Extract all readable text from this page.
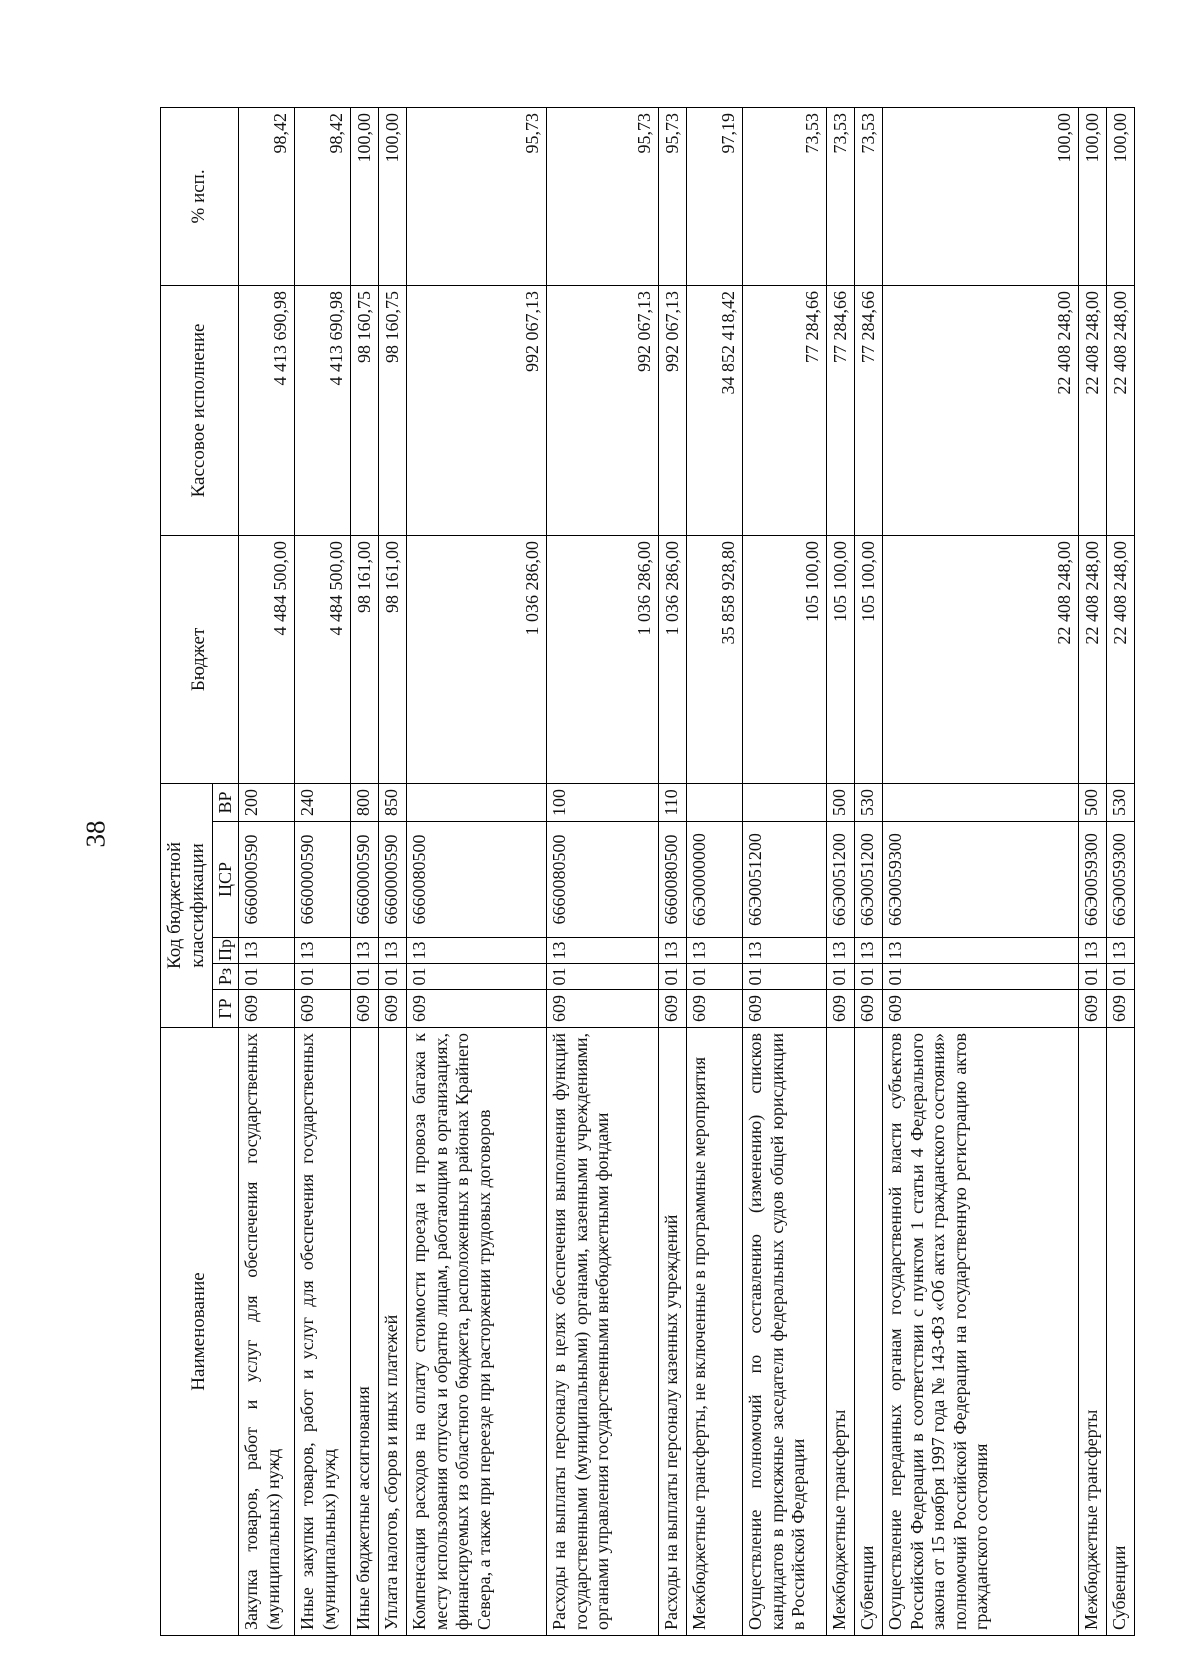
38
Наименование	Код бюджетной классификации					Бюджет	Кассовое исполнение	% исп.
	ГР	Рз	Пр	ЦСР	ВР			
Закупка товаров, работ и услуг для обеспечения государственных (муниципальных) нужд	609	01	13	6660000590	200	4 484 500,00	4 413 690,98	98,42
Иные закупки товаров, работ и услуг для обеспечения государственных (муниципальных) нужд	609	01	13	6660000590	240	4 484 500,00	4 413 690,98	98,42
Иные бюджетные ассигнования	609	01	13	6660000590	800	98 161,00	98 160,75	100,00
Уплата налогов, сборов и иных платежей	609	01	13	6660000590	850	98 161,00	98 160,75	100,00
Компенсация расходов на оплату стоимости проезда и провоза багажа к месту использования отпуска и обратно лицам, работающим в организациях, финансируемых из областного бюджета, расположенных в районах Крайнего Севера, а также при переезде при расторжении трудовых договоров	609	01	13	6660080500		1 036 286,00	992 067,13	95,73
Расходы на выплаты персоналу в целях обеспечения выполнения функций государственными (муниципальными) органами, казенными учреждениями, органами управления государственными внебюджетными фондами	609	01	13	6660080500	100	1 036 286,00	992 067,13	95,73
Расходы на выплаты персоналу казенных учреждений	609	01	13	6660080500	110	1 036 286,00	992 067,13	95,73
Межбюджетные трансферты, не включенные в программные мероприятия	609	01	13	66Э0000000		35 858 928,80	34 852 418,42	97,19
Осуществление полномочий по составлению (изменению) списков кандидатов в присяжные заседатели федеральных судов общей юрисдикции в Российской Федерации	609	01	13	66Э0051200		105 100,00	77 284,66	73,53
Межбюджетные трансферты	609	01	13	66Э0051200	500	105 100,00	77 284,66	73,53
Субвенции	609	01	13	66Э0051200	530	105 100,00	77 284,66	73,53
Осуществление переданных органам государственной власти субъектов Российской Федерации в соответствии с пунктом 1 статьи 4 Федерального закона от 15 ноября 1997 года № 143-ФЗ «Об актах гражданского состояния» полномочий Российской Федерации на государственную регистрацию актов гражданского состояния	609	01	13	66Э0059300		22 408 248,00	22 408 248,00	100,00
Межбюджетные трансферты	609	01	13	66Э0059300	500	22 408 248,00	22 408 248,00	100,00
Субвенции	609	01	13	66Э0059300	530	22 408 248,00	22 408 248,00	100,00
